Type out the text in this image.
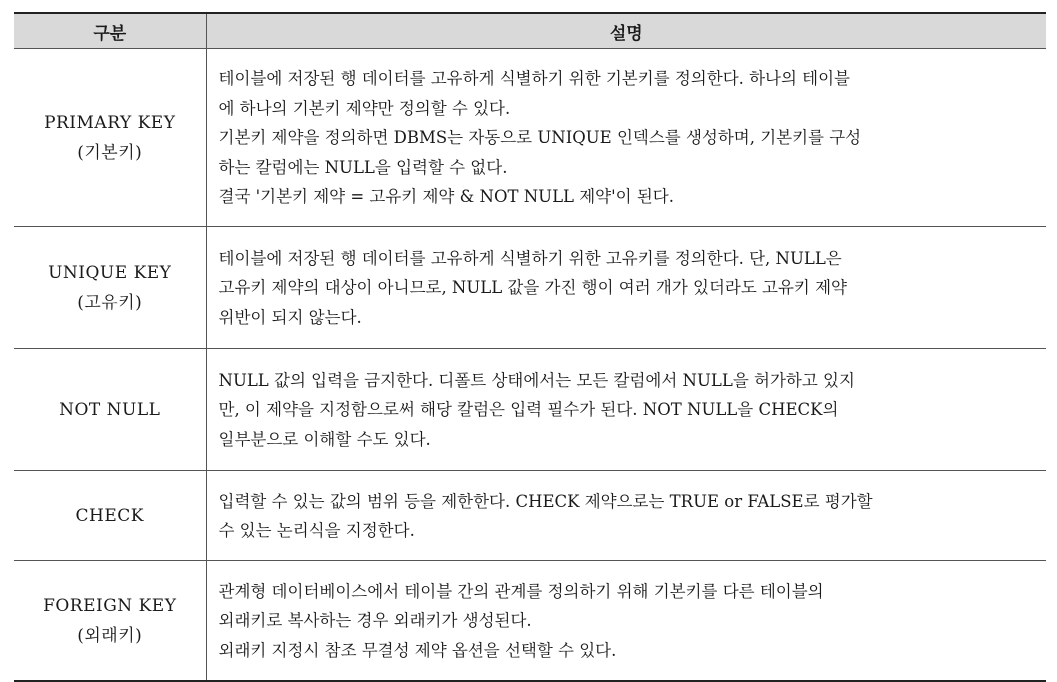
구분	설명

PRIMARY KEY
(기본키)	테이블에 저장된 행 데이터를 고유하게 식별하기 위한 기본키를 정의한다. 하나의 테이블
에 하나의 기본키 제약만 정의할 수 있다.
기본키 제약을 정의하면 DBMS는 자동으로 UNIQUE 인덱스를 생성하며, 기본키를 구성
하는 칼럼에는 NULL을 입력할 수 없다.
결국 '기본키 제약 = 고유키 제약 & NOT NULL 제약'이 된다.

UNIQUE KEY
(고유키)	테이블에 저장된 행 데이터를 고유하게 식별하기 위한 고유키를 정의한다. 단, NULL은
고유키 제약의 대상이 아니므로, NULL 값을 가진 행이 여러 개가 있더라도 고유키 제약
위반이 되지 않는다.

NOT NULL	NULL 값의 입력을 금지한다. 디폴트 상태에서는 모든 칼럼에서 NULL을 허가하고 있지
만, 이 제약을 지정함으로써 해당 칼럼은 입력 필수가 된다. NOT NULL을 CHECK의
일부분으로 이해할 수도 있다.

CHECK	입력할 수 있는 값의 범위 등을 제한한다. CHECK 제약으로는 TRUE or FALSE로 평가할
수 있는 논리식을 지정한다.

FOREIGN KEY
(외래키)	관계형 데이터베이스에서 테이블 간의 관계를 정의하기 위해 기본키를 다른 테이블의
외래키로 복사하는 경우 외래키가 생성된다.
외래키 지정시 참조 무결성 제약 옵션을 선택할 수 있다.
